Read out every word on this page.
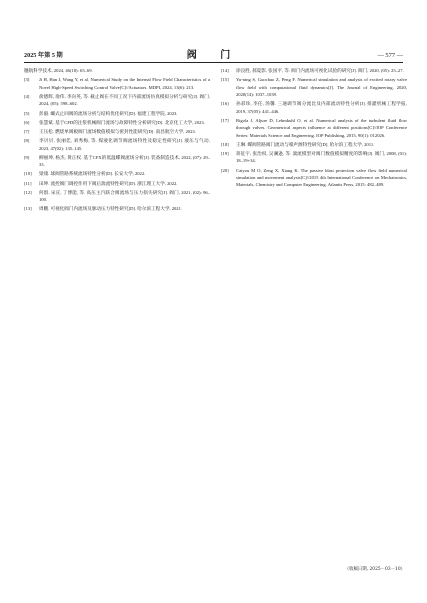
2025 年第 5 期	阀 门	— 577 —
穗航科学技术, 2024, 46(18): 65–69.
[3]	Ji H, Han J, Wang Y, et al. Numerical Study on the Internal Flow Field Characteristics of a Novel High‑Speed Switching Control Valve[C]//Actuators. MDPI, 2024, 13(6): 213.
[4]	俞德辉, 俞伟, 李向英, 等. 截止阀在不同工况下内部流场仿真模拟分析与研究[J]. 阀门, 2024, (05): 598–602.
[5]	彭毅. 螺式止回阀的流场分析与结构优化研究[D]. 福建工程学院, 2023.
[6]	张慧斌. 基于CFD的注浆机械阀门流场与故障特性分析研究[D]. 北京化工大学, 2023.
[7]	王压松. 燃烧单阀板阀门流场数值模拟与密封性能研究[D]. 南昌航空大学, 2023.
[8]	李贝贝, 张丽佳, 刘秀梅, 等. 煤液化调节阀流场特性及稳定性研究[J]. 液压与气动, 2023, 47(02): 135–145.
[9]	柳丽坤, 杨杰, 黄正权. 基于CFX的低温蝶阀流场分析[J]. 装备制造技术, 2022, (07): 29–33.
[10]	梁康. 球阀管路系统流场特性分析[D]. 长安大学, 2022.
[11]	田坤. 流控阀门调控作用下阀后湍流特性研究[D]. 浙江理工大学, 2022.
[12]	何群, 宋宣, 丁博能, 等. 高压主汽联合阀流场与压力损失研究[J]. 阀门, 2021, (02): 96–100.
[13]	周鹏. 可视化阀门内流场及脉动压力特性研究[D]. 哈尔滨工程大学, 2021.
[14]	徐良胜, 郝夏影, 张国平, 等. 阀门内流场可视化试验的研究[J]. 阀门, 2020, (05): 25–27.
[15]	Yu‑ning S, Guochao Z, Peng F. Numerical simulation and analysis of excited rotary valve flow field with computational fluid dynamics[J]. The Journal of Engineering, 2020, 2020(14): 1037–1039.
[16]	孙彩珍, 李任, 汤馨. 三通调节阀分流比及内部流动特性分析[J]. 排灌机械工程学报, 2019, 37(05): 441–446.
[17]	Rigola J, Aljure D, Lehmkuhl O, et al. Numerical analysis of the turbulent fluid flow through valves. Geometrical aspects influence at different positions[C]//IOP Conference Series: Materials Science and Engineering. IOP Publishing, 2015, 90(1): 012026.
[18]	王琳. 蝶阀管路阀门流动与噪声源特性研究[D]. 哈尔滨工程大学, 2011.
[19]	蒋征宇, 张治权, 吴澜逊, 等. 湍流模型对阀门数值模拟精度的影响[J]. 阀门, 2008, (01): 18–19+34.
[20]	Caiyou M O, Zeng X, Xiang K. The passive blast protection valve flow field numerical simulation and movement analysis[C]//2015 4th International Conference on Mechatronics, Materials, Chemistry and Computer Engineering. Atlantis Press, 2015: 482–489.
（收稿日期, 2025－03－10）
